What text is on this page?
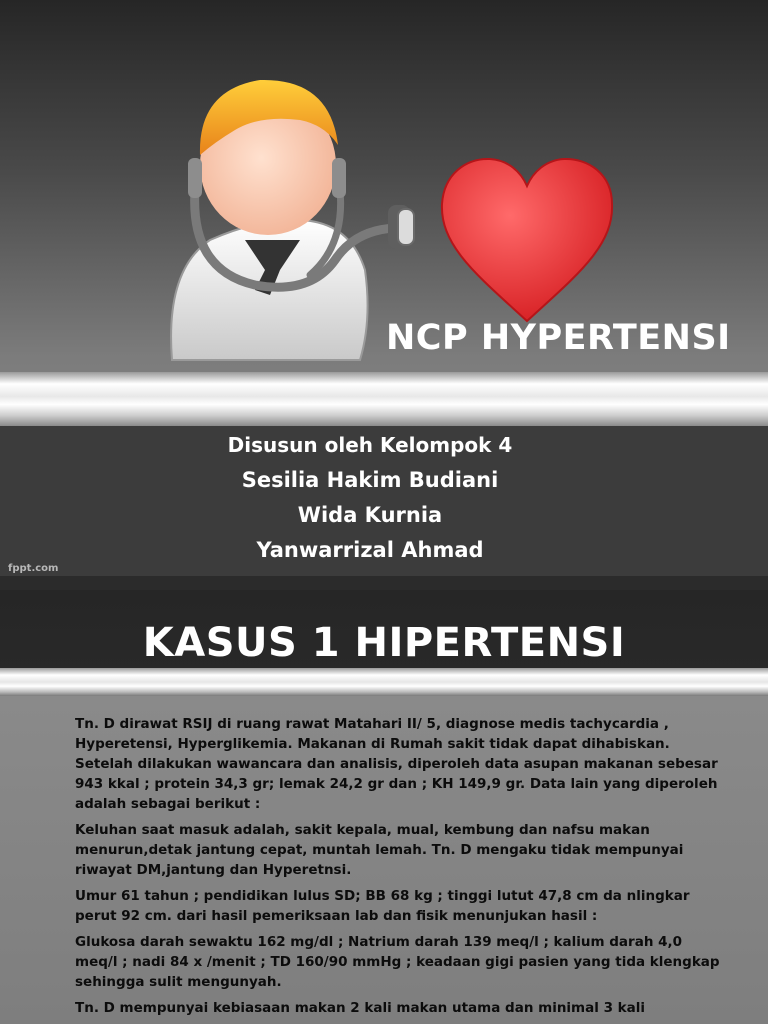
NCP HYPERTENSI
Disusun oleh Kelompok 4
Sesilia Hakim Budiani
Wida Kurnia
Yanwarrizal Ahmad
fppt.com
KASUS 1 HIPERTENSI

Tn. D dirawat RSIJ di ruang rawat Matahari II/ 5, diagnose medis tachycardia , Hyperetensi, Hyperglikemia. Makanan di Rumah sakit tidak dapat dihabiskan. Setelah dilakukan wawancara dan analisis, diperoleh data asupan makanan sebesar 943 kkal ; protein 34,3 gr; lemak 24,2 gr dan ; KH 149,9 gr. Data lain yang diperoleh adalah sebagai berikut :

Keluhan saat masuk adalah, sakit kepala, mual, kembung dan nafsu makan menurun,detak jantung cepat, muntah lemah. Tn. D mengaku tidak mempunyai riwayat DM,jantung dan Hyperetnsi.

Umur 61 tahun ; pendidikan lulus SD; BB 68 kg ; tinggi lutut 47,8 cm da nlingkar perut 92 cm. dari hasil pemeriksaan lab dan fisik menunjukan hasil :

Glukosa darah sewaktu 162 mg/dl ; Natrium darah 139 meq/l ; kalium darah 4,0 meq/l ; nadi 84 x /menit ; TD 160/90 mmHg ; keadaan gigi pasien yang tida klengkap sehingga sulit mengunyah.

Tn. D mempunyai kebiasaan makan 2 kali makan utama dan minimal 3 kali
